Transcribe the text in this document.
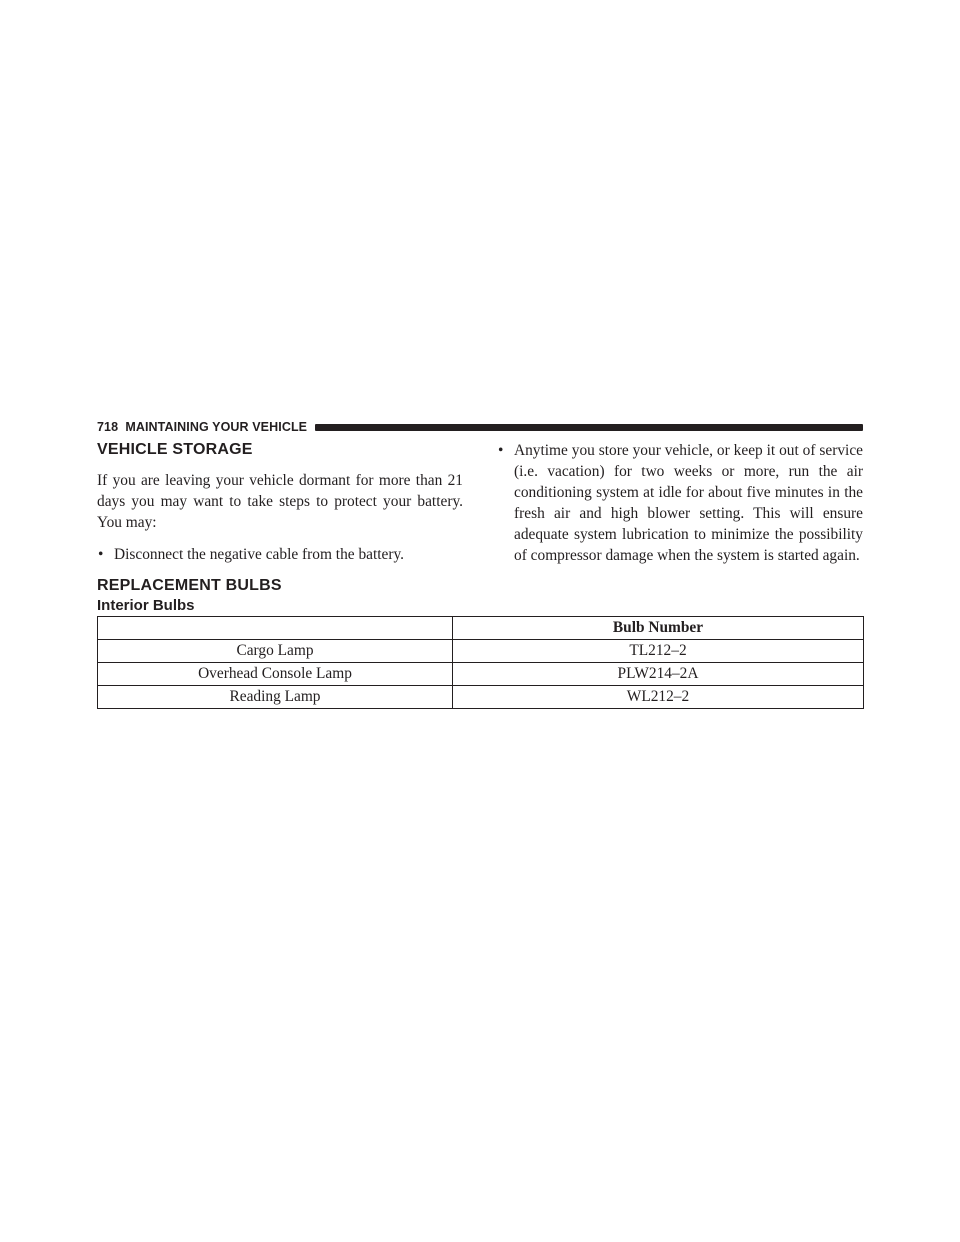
718 MAINTAINING YOUR VEHICLE
VEHICLE STORAGE

If you are leaving your vehicle dormant for more than 21 days you may want to take steps to protect your battery. You may:

• Disconnect the negative cable from the battery.

• Anytime you store your vehicle, or keep it out of service (i.e. vacation) for two weeks or more, run the air conditioning system at idle for about five minutes in the fresh air and high blower setting. This will ensure adequate system lubrication to minimize the possibility of compressor damage when the system is started again.

REPLACEMENT BULBS
Interior Bulbs
	Bulb Number
Cargo Lamp	TL212–2
Overhead Console Lamp	PLW214–2A
Reading Lamp	WL212–2
